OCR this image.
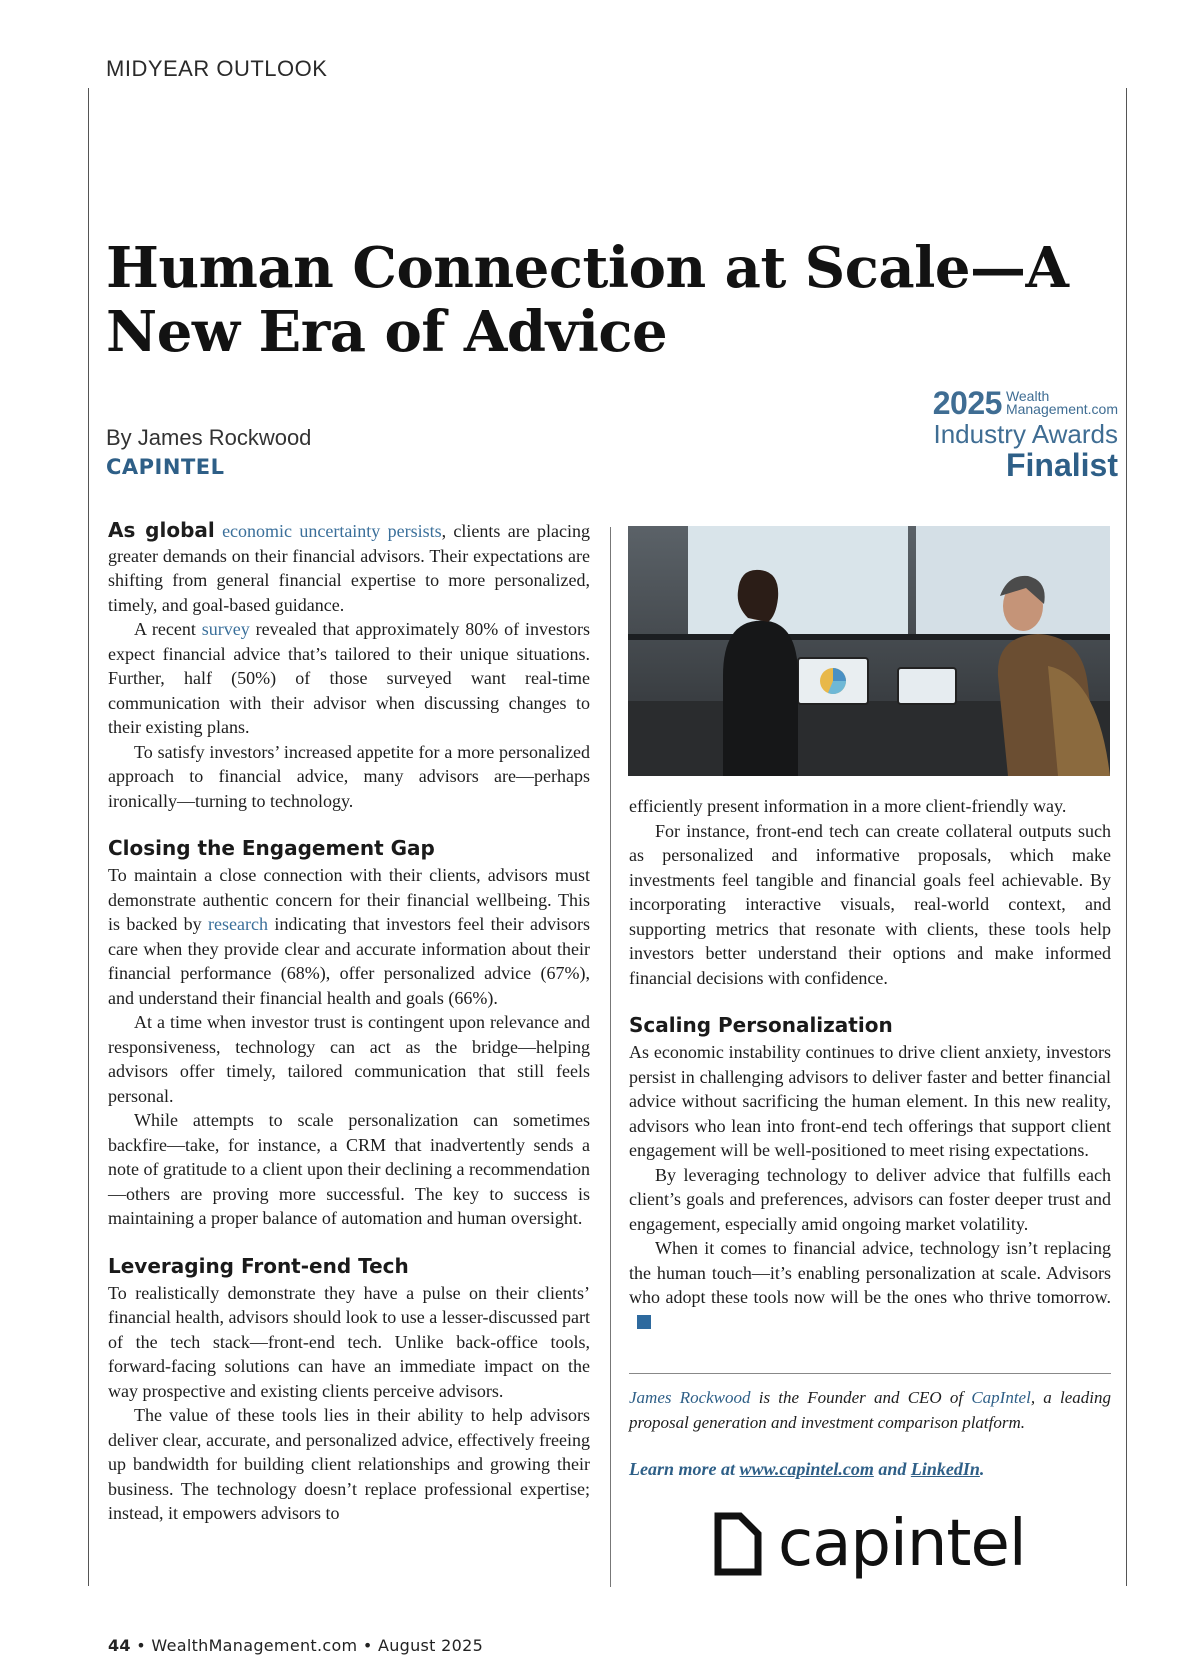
MIDYEAR OUTLOOK
Human Connection at Scale—A New Era of Advice
By James Rockwood
CAPINTEL
2025 Wealth
Management.com
Industry Awards
Finalist

As global economic uncertainty persists, clients are placing greater demands on their financial advisors. Their expectations are shifting from general financial expertise to more personalized, timely, and goal-based guidance.

A recent survey revealed that approximately 80% of investors expect financial advice that’s tailored to their unique situations. Further, half (50%) of those surveyed want real-time communication with their advisor when discussing changes to their existing plans.

To satisfy investors’ increased appetite for a more personalized approach to financial advice, many advisors are—perhaps ironically—turning to technology.

Closing the Engagement Gap

To maintain a close connection with their clients, advisors must demonstrate authentic concern for their financial wellbeing. This is backed by research indicating that investors feel their advisors care when they provide clear and accurate information about their financial performance (68%), offer personalized advice (67%), and understand their financial health and goals (66%).

At a time when investor trust is contingent upon relevance and responsiveness, technology can act as the bridge—helping advisors offer timely, tailored communication that still feels personal.

While attempts to scale personalization can sometimes backfire—take, for instance, a CRM that inadvertently sends a note of gratitude to a client upon their declining a recommendation—others are proving more successful. The key to success is maintaining a proper balance of automation and human oversight.

Leveraging Front-end Tech

To realistically demonstrate they have a pulse on their clients’ financial health, advisors should look to use a lesser-discussed part of the tech stack—front-end tech. Unlike back-office tools, forward-facing solutions can have an immediate impact on the way prospective and existing clients perceive advisors.

The value of these tools lies in their ability to help advisors deliver clear, accurate, and personalized advice, effectively freeing up bandwidth for building client relationships and growing their business. The technology doesn’t replace professional expertise; instead, it empowers advisors to

efficiently present information in a more client-friendly way.

For instance, front-end tech can create collateral outputs such as personalized and informative proposals, which make investments feel tangible and financial goals feel achievable. By incorporating interactive visuals, real-world context, and supporting metrics that resonate with clients, these tools help investors better understand their options and make informed financial decisions with confidence.

Scaling Personalization

As economic instability continues to drive client anxiety, investors persist in challenging advisors to deliver faster and better financial advice without sacrificing the human element. In this new reality, advisors who lean into front-end tech offerings that support client engagement will be well-positioned to meet rising expectations.

By leveraging technology to deliver advice that fulfills each client’s goals and preferences, advisors can foster deeper trust and engagement, especially amid ongoing market volatility.

When it comes to financial advice, technology isn’t replacing the human touch—it’s enabling personalization at scale. Advisors who adopt these tools now will be the ones who thrive tomorrow.

James Rockwood is the Founder and CEO of CapIntel, a leading proposal generation and investment comparison platform.

Learn more at www.capintel.com and LinkedIn.

capintel
44 • WealthManagement.com • August 2025
